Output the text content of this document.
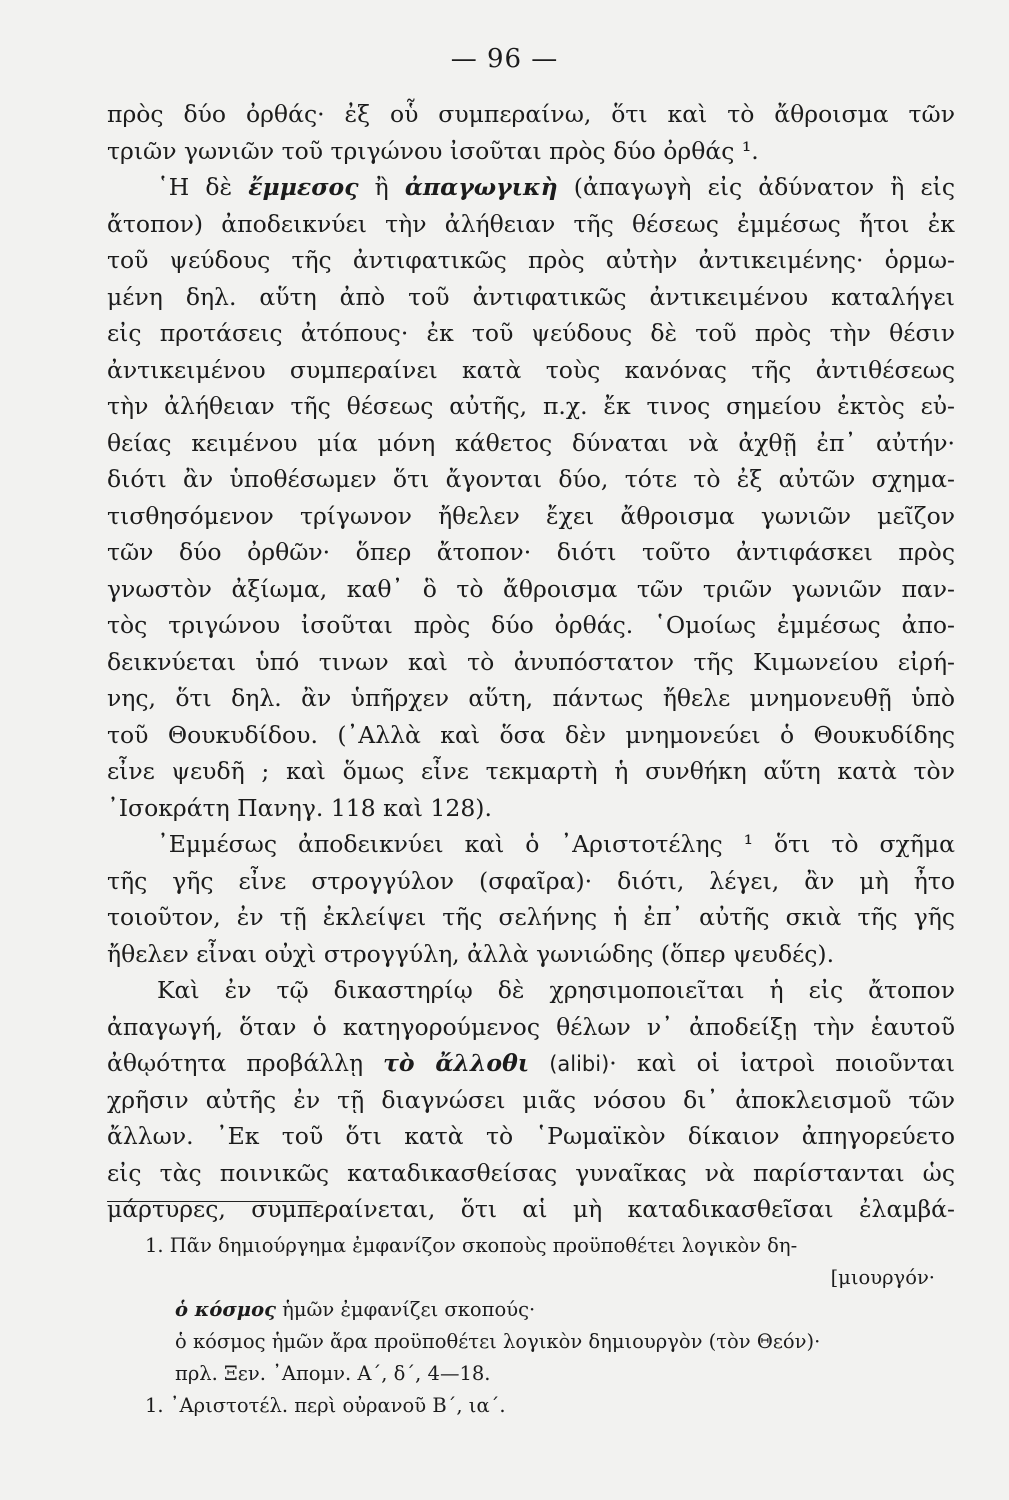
— 96 —
πρὸς δύο ὀρθάς· ἐξ οὗ συμπεραίνω, ὅτι καὶ τὸ ἄθροισμα τῶν
τριῶν γωνιῶν τοῦ τριγώνου ἰσοῦται πρὸς δύο ὀρθάς ¹.
῾Η δὲ ἔμμεσος ἢ ἀπαγωγικὴ (ἀπαγωγὴ εἰς ἀδύνατον ἢ εἰς
ἄτοπον) ἀποδεικνύει τὴν ἀλήθειαν τῆς θέσεως ἐμμέσως ἤτοι ἐκ
τοῦ ψεύδους τῆς ἀντιφατικῶς πρὸς αὐτὴν ἀντικειμένης· ὁρμω-
μένη δηλ. αὕτη ἀπὸ τοῦ ἀντιφατικῶς ἀντικειμένου καταλήγει
εἰς προτάσεις ἀτόπους· ἐκ τοῦ ψεύδους δὲ τοῦ πρὸς τὴν θέσιν
ἀντικειμένου συμπεραίνει κατὰ τοὺς κανόνας τῆς ἀντιθέσεως
τὴν ἀλήθειαν τῆς θέσεως αὐτῆς, π.χ. ἔκ τινος σημείου ἐκτὸς εὐ-
θείας κειμένου μία μόνη κάθετος δύναται νὰ ἀχθῇ ἐπ᾽ αὐτήν·
διότι ἂν ὑποθέσωμεν ὅτι ἄγονται δύο, τότε τὸ ἐξ αὐτῶν σχημα-
τισθησόμενον τρίγωνον ἤθελεν ἔχει ἄθροισμα γωνιῶν μεῖζον
τῶν δύο ὀρθῶν· ὅπερ ἄτοπον· διότι τοῦτο ἀντιφάσκει πρὸς
γνωστὸν ἀξίωμα, καθ᾽ ὃ τὸ ἄθροισμα τῶν τριῶν γωνιῶν παν-
τὸς τριγώνου ἰσοῦται πρὸς δύο ὀρθάς. ῾Ομοίως ἐμμέσως ἀπο-
δεικνύεται ὑπό τινων καὶ τὸ ἀνυπόστατον τῆς Κιμωνείου εἰρή-
νης, ὅτι δηλ. ἂν ὑπῆρχεν αὕτη, πάντως ἤθελε μνημονευθῇ ὑπὸ
τοῦ Θουκυδίδου. (᾽Αλλὰ καὶ ὅσα δὲν μνημονεύει ὁ Θουκυδίδης
εἶνε ψευδῆ ; καὶ ὅμως εἶνε τεκμαρτὴ ἡ συνθήκη αὕτη κατὰ τὸν
᾽Ισοκράτη Πανηγ. 118 καὶ 128).
᾽Εμμέσως ἀποδεικνύει καὶ ὁ ᾽Αριστοτέλης ¹ ὅτι τὸ σχῆμα
τῆς γῆς εἶνε στρογγύλον (σφαῖρα)· διότι, λέγει, ἂν μὴ ἦτο
τοιοῦτον, ἐν τῇ ἐκλείψει τῆς σελήνης ἡ ἐπ᾽ αὐτῆς σκιὰ τῆς γῆς
ἤθελεν εἶναι οὐχὶ στρογγύλη, ἀλλὰ γωνιώδης (ὅπερ ψευδές).
Καὶ ἐν τῷ δικαστηρίῳ δὲ χρησιμοποιεῖται ἡ εἰς ἄτοπον
ἀπαγωγή, ὅταν ὁ κατηγορούμενος θέλων ν᾽ ἀποδείξῃ τὴν ἑαυτοῦ
ἀθῳότητα προβάλλῃ τὸ ἄλλοθι (alibi)· καὶ οἱ ἰατροὶ ποιοῦνται
χρῆσιν αὐτῆς ἐν τῇ διαγνώσει μιᾶς νόσου δι᾽ ἀποκλεισμοῦ τῶν
ἄλλων. ᾽Εκ τοῦ ὅτι κατὰ τὸ ῾Ρωμαϊκὸν δίκαιον ἀπηγορεύετο
εἰς τὰς ποινικῶς καταδικασθείσας γυναῖκας νὰ παρίστανται ὡς
μάρτυρες, συμπεραίνεται, ὅτι αἱ μὴ καταδικασθεῖσαι ἐλαμβά-
1. Πᾶν δημιούργημα ἐμφανίζον σκοποὺς προϋποθέτει λογικὸν δη-
[μιουργόν·
ὁ κόσμος ἡμῶν ἐμφανίζει σκοπούς·
ὁ κόσμος ἡμῶν ἄρα προϋποθέτει λογικὸν δημιουργὸν (τὸν Θεόν)·
πρλ. Ξεν. ᾽Απομν. Α΄, δ΄, 4—18.
1. ᾽Αριστοτέλ. περὶ οὐρανοῦ Β΄, ια΄.
